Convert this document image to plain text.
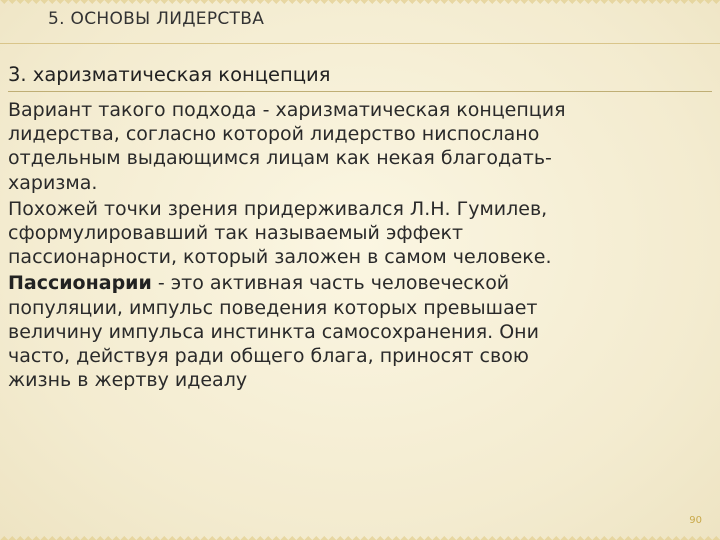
5. ОСНОВЫ ЛИДЕРСТВА
3. харизматическая концепция

Вариант такого подхода - харизматическая концепция
лидерства, согласно которой лидерство ниспослано
отдельным выдающимся лицам как некая благодать-
харизма.

Похожей точки зрения придерживался Л.Н. Гумилев,
сформулировавший так называемый эффект
пассионарности, который заложен в самом человеке.

Пассионарии - это активная часть человеческой
популяции, импульс поведения которых превышает
величину импульса инстинкта самосохранения. Они
часто, действуя ради общего блага, приносят свою
жизнь в жертву идеалу

90
